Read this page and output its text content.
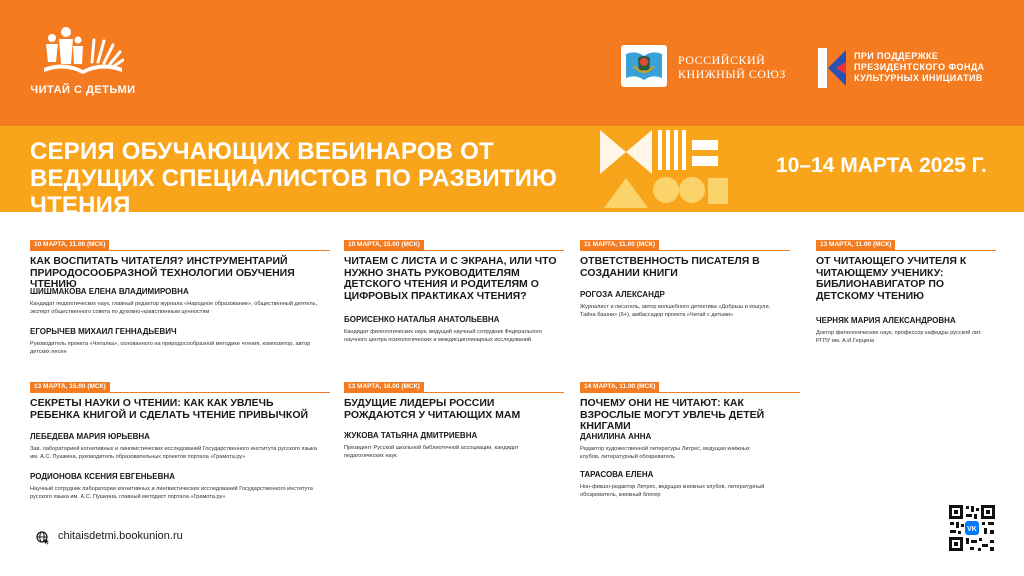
ЧИТАЙ С ДЕТЬМИ
РОССИЙСКИЙ
КНИЖНЫЙ СОЮЗ
ПРИ ПОДДЕРЖКЕ
ПРЕЗИДЕНТСКОГО ФОНДА
КУЛЬТУРНЫХ ИНИЦИАТИВ
СЕРИЯ ОБУЧАЮЩИХ ВЕБИНАРОВ ОТ ВЕДУЩИХ СПЕЦИАЛИСТОВ ПО РАЗВИТИЮ ЧТЕНИЯ
10–14 МАРТА 2025 Г.
10 МАРТА, 11.00 (МСК)
КАК ВОСПИТАТЬ ЧИТАТЕЛЯ? ИНСТРУМЕНТАРИЙ ПРИРОДОСООБРАЗНОЙ ТЕХНОЛОГИИ ОБУЧЕНИЯ ЧТЕНИЮ
ШИШМАКОВА ЕЛЕНА ВЛАДИМИРОВНА
Кандидат педагогических наук, главный редактор журнала «Народное образование», общественный деятель, эксперт общественного совета по духовно-нравственным ценностям
ЕГОРЫЧЕВ МИХАИЛ ГЕННАДЬЕВИЧ
Руководитель проекта «Читалка», основанного на природосообразной методике чтения, композитор, автор детских песен
10 МАРТА, 15.00 (МСК)
ЧИТАЕМ С ЛИСТА И С ЭКРАНА, ИЛИ ЧТО НУЖНО ЗНАТЬ РУКОВОДИТЕЛЯМ ДЕТСКОГО ЧТЕНИЯ И РОДИТЕЛЯМ О ЦИФРОВЫХ ПРАКТИКАХ ЧТЕНИЯ?
БОРИСЕНКО НАТАЛЬЯ АНАТОЛЬЕВНА
Кандидат филологических наук, ведущий научный сотрудник Федерального научного центра психологических и междисциплинарных исследований
11 МАРТА, 11.00 (МСК)
ОТВЕТСТВЕННОСТЬ ПИСАТЕЛЯ В СОЗДАНИИ КНИГИ
РОГОЗА АЛЕКСАНДР
Журналист и писатель, автор волшебного детектива «Добрыш и кошули. Тайна башни» (6+), амбассадор проекта «Читай с детьми»
13 МАРТА, 11.00 (МСК)
ОТ ЧИТАЮЩЕГО УЧИТЕЛЯ К ЧИТАЮЩЕМУ УЧЕНИКУ: БИБЛИОНАВИГАТОР ПО ДЕТСКОМУ ЧТЕНИЮ
ЧЕРНЯК МАРИЯ АЛЕКСАНДРОВНА
Доктор филологических наук, профессор кафедры русской лит. РГПУ им. А.И.Герцена
13 МАРТА, 15.00 (МСК)
СЕКРЕТЫ НАУКИ О ЧТЕНИИ: КАК КАК УВЛЕЧЬ РЕБЕНКА КНИГОЙ И СДЕЛАТЬ ЧТЕНИЕ ПРИВЫЧКОЙ
ЛЕБЕДЕВА МАРИЯ ЮРЬЕВНА
Зав. лабораторией когнитивных и лингвистических исследований Государственного института русского языка им. А.С. Пушкина, руководитель образовательных проектов портала «Грамота.ру»
РОДИОНОВА КСЕНИЯ ЕВГЕНЬЕВНА
Научный сотрудник лаборатории когнитивных и лингвистических исследований Государственного института русского языка им. А.С. Пушкина, главный методист портала «Грамота.ру»
13 МАРТА, 16.00 (МСК)
БУДУЩИЕ ЛИДЕРЫ РОССИИ РОЖДАЮТСЯ У ЧИТАЮЩИХ МАМ
ЖУКОВА ТАТЬЯНА ДМИТРИЕВНА
Президент Русской школьной библиотечной ассоциации, кандидат педагогических наук
14 МАРТА, 11.00 (МСК)
ПОЧЕМУ ОНИ НЕ ЧИТАЮТ: КАК ВЗРОСЛЫЕ МОГУТ УВЛЕЧЬ ДЕТЕЙ КНИГАМИ
ДАНИЛИНА АННА
Редактор художественной литературы Литрес, ведущая книжных клубов, литературный обозреватель
ТАРАСОВА ЕЛЕНА
Нон-фикшн-редактор Литрес, ведущая книжных клубов, литературный обозреватель, книжный блогер
chitaisdetmi.bookunion.ru
VK
